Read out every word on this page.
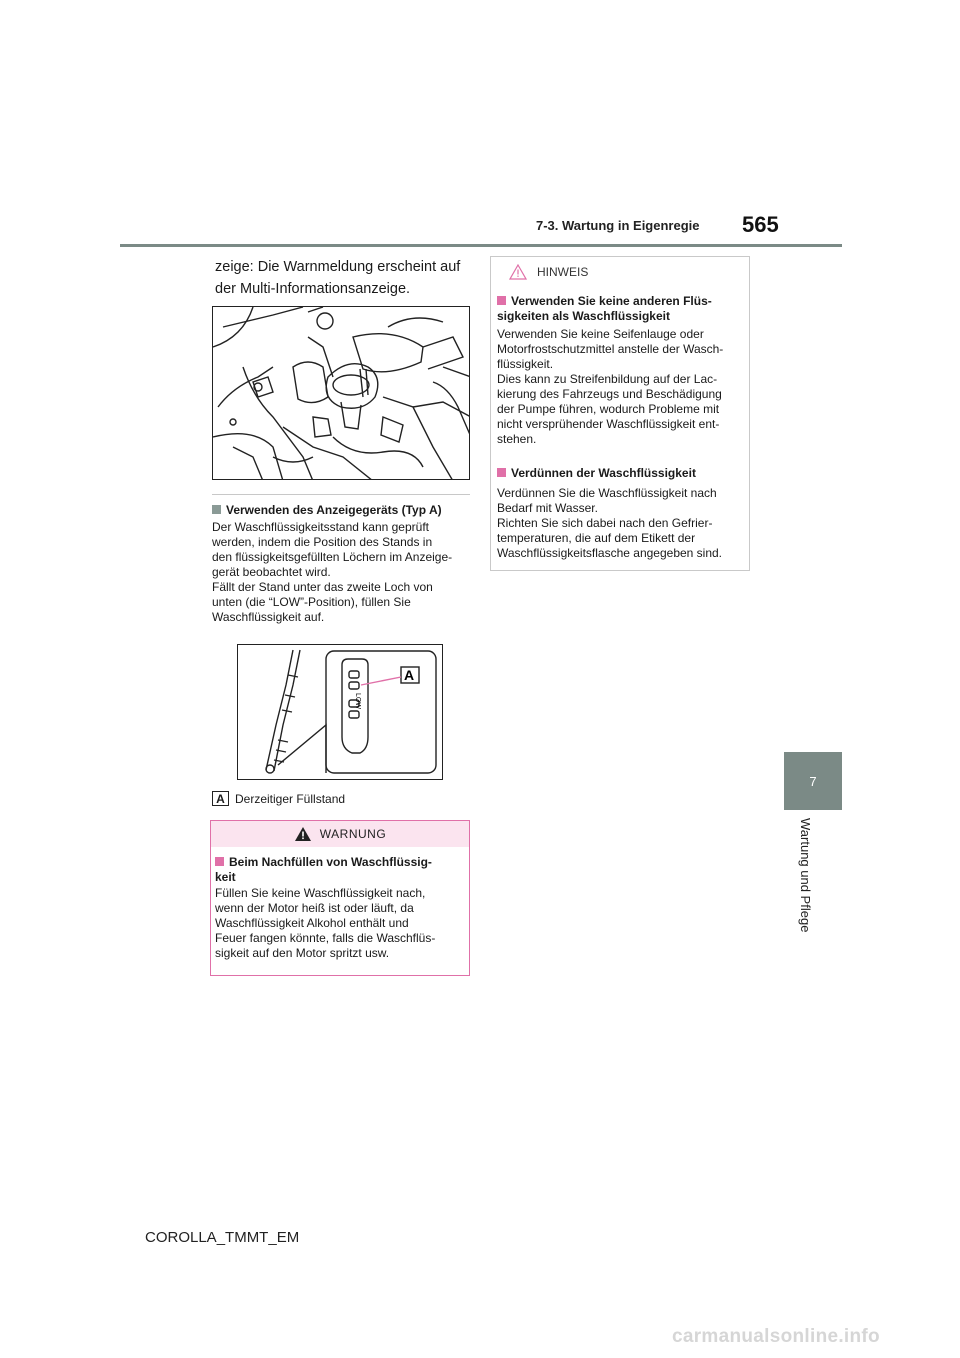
7-3. Wartung in Eigenregie 565
7
Wartung und Pflege
zeige: Die Warnmeldung erscheint auf der Multi-Informationsanzeige.
Verwenden des Anzeigegeräts (Typ A)
Der Waschflüssigkeitsstand kann geprüft
werden, indem die Position des Stands in
den flüssigkeitsgefüllten Löchern im Anzeige-
gerät beobachtet wird.
Fällt der Stand unter das zweite Loch von
unten (die “LOW”-Position), füllen Sie
Waschflüssigkeit auf.
LOW
A
A Derzeitiger Füllstand
WARNUNG
Beim Nachfüllen von Waschflüssig-
keit
Füllen Sie keine Waschflüssigkeit nach,
wenn der Motor heiß ist oder läuft, da
Waschflüssigkeit Alkohol enthält und
Feuer fangen könnte, falls die Waschflüs-
sigkeit auf den Motor spritzt usw.
HINWEIS
Verwenden Sie keine anderen Flüs-
sigkeiten als Waschflüssigkeit
Verwenden Sie keine Seifenlauge oder
Motorfrostschutzmittel anstelle der Wasch-
flüssigkeit.
Dies kann zu Streifenbildung auf der Lac-
kierung des Fahrzeugs und Beschädigung
der Pumpe führen, wodurch Probleme mit
nicht versprühender Waschflüssigkeit ent-
stehen.
Verdünnen der Waschflüssigkeit
Verdünnen Sie die Waschflüssigkeit nach
Bedarf mit Wasser.
Richten Sie sich dabei nach den Gefrier-
temperaturen, die auf dem Etikett der
Waschflüssigkeitsflasche angegeben sind.
COROLLA_TMMT_EM
carmanualsonline.info
